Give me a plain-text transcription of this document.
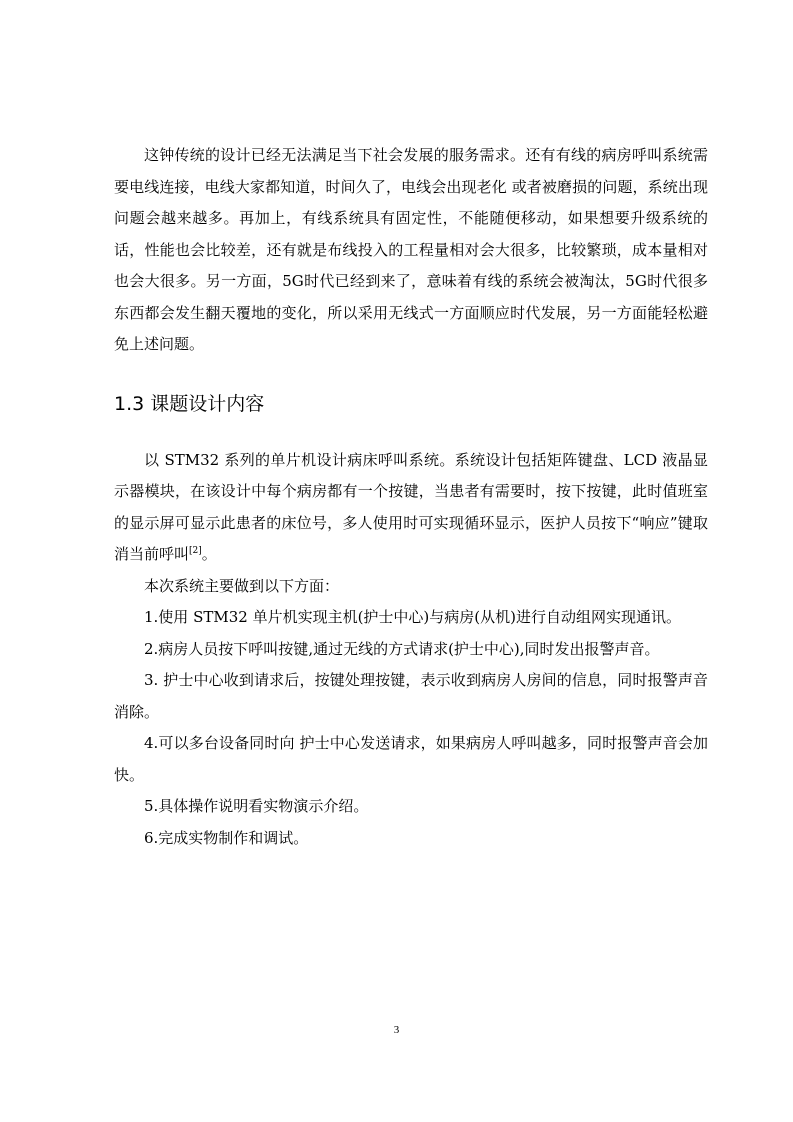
这钟传统的设计已经无法满足当下社会发展的服务需求。还有有线的病房呼叫系统需要电线连接，电线大家都知道，时间久了，电线会出现老化 或者被磨损的问题，系统出现问题会越来越多。再加上，有线系统具有固定性，不能随便移动，如果想要升级系统的话，性能也会比较差，还有就是布线投入的工程量相对会大很多，比较繁琐，成本量相对也会大很多。另一方面，5G时代已经到来了，意味着有线的系统会被淘汰，5G时代很多东西都会发生翻天覆地的变化，所以采用无线式一方面顺应时代发展，另一方面能轻松避免上述问题。

1.3 课题设计内容

以 STM32 系列的单片机设计病床呼叫系统。系统设计包括矩阵键盘、LCD 液晶显示器模块，在该设计中每个病房都有一个按键，当患者有需要时，按下按键，此时值班室的显示屏可显示此患者的床位号，多人使用时可实现循环显示，医护人员按下“响应”键取消当前呼叫[2]。

本次系统主要做到以下方面：

1.使用 STM32 单片机实现主机(护士中心)与病房(从机)进行自动组网实现通讯。

2.病房人员按下呼叫按键,通过无线的方式请求(护士中心),同时发出报警声音。

3. 护士中心收到请求后，按键处理按键，表示收到病房人房间的信息，同时报警声音消除。

4.可以多台设备同时向 护士中心发送请求，如果病房人呼叫越多，同时报警声音会加快。

5.具体操作说明看实物演示介绍。

6.完成实物制作和调试。

3
